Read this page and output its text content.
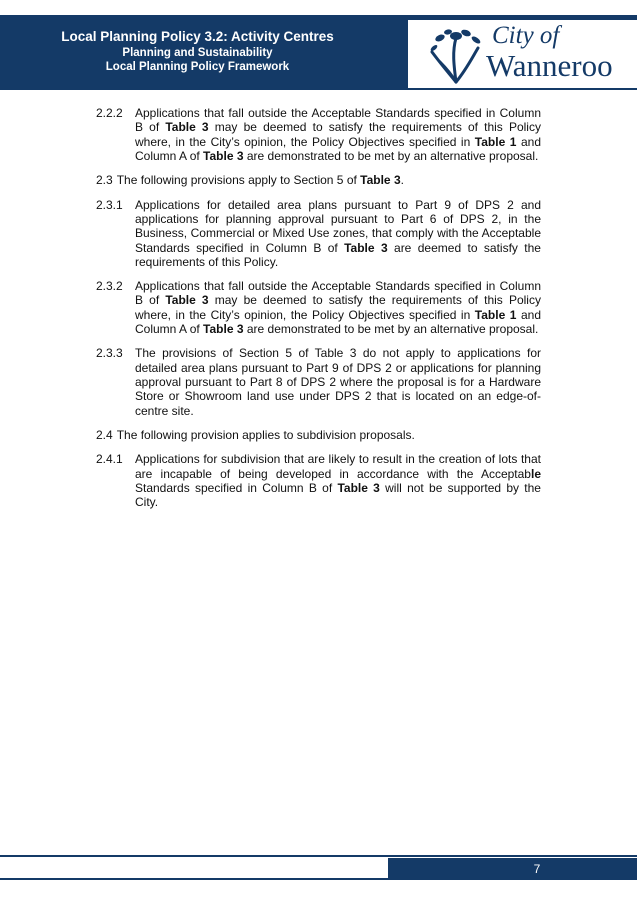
Local Planning Policy 3.2: Activity Centres
Planning and Sustainability
Local Planning Policy Framework
City of
Wanneroo
2.2.2	Applications that fall outside the Acceptable Standards specified in Column B of Table 3 may be deemed to satisfy the requirements of this Policy where, in the City’s opinion, the Policy Objectives specified in Table 1 and Column A of Table 3 are demonstrated to be met by an alternative proposal.
2.3 The following provisions apply to Section 5 of Table 3.
2.3.1	Applications for detailed area plans pursuant to Part 9 of DPS 2 and applications for planning approval pursuant to Part 6 of DPS 2, in the Business, Commercial or Mixed Use zones, that comply with the Acceptable Standards specified in Column B of Table 3 are deemed to satisfy the requirements of this Policy.
2.3.2	Applications that fall outside the Acceptable Standards specified in Column B of Table 3 may be deemed to satisfy the requirements of this Policy where, in the City’s opinion, the Policy Objectives specified in Table 1 and Column A of Table 3 are demonstrated to be met by an alternative proposal.
2.3.3	The provisions of Section 5 of Table 3 do not apply to applications for detailed area plans pursuant to Part 9 of DPS 2 or applications for planning approval pursuant to Part 8 of DPS 2 where the proposal is for a Hardware Store or Showroom land use under DPS 2 that is located on an edge-of-centre site.
2.4 The following provision applies to subdivision proposals.
2.4.1	Applications for subdivision that are likely to result in the creation of lots that are incapable of being developed in accordance with the Acceptable Standards specified in Column B of Table 3 will not be supported by the City.
7
